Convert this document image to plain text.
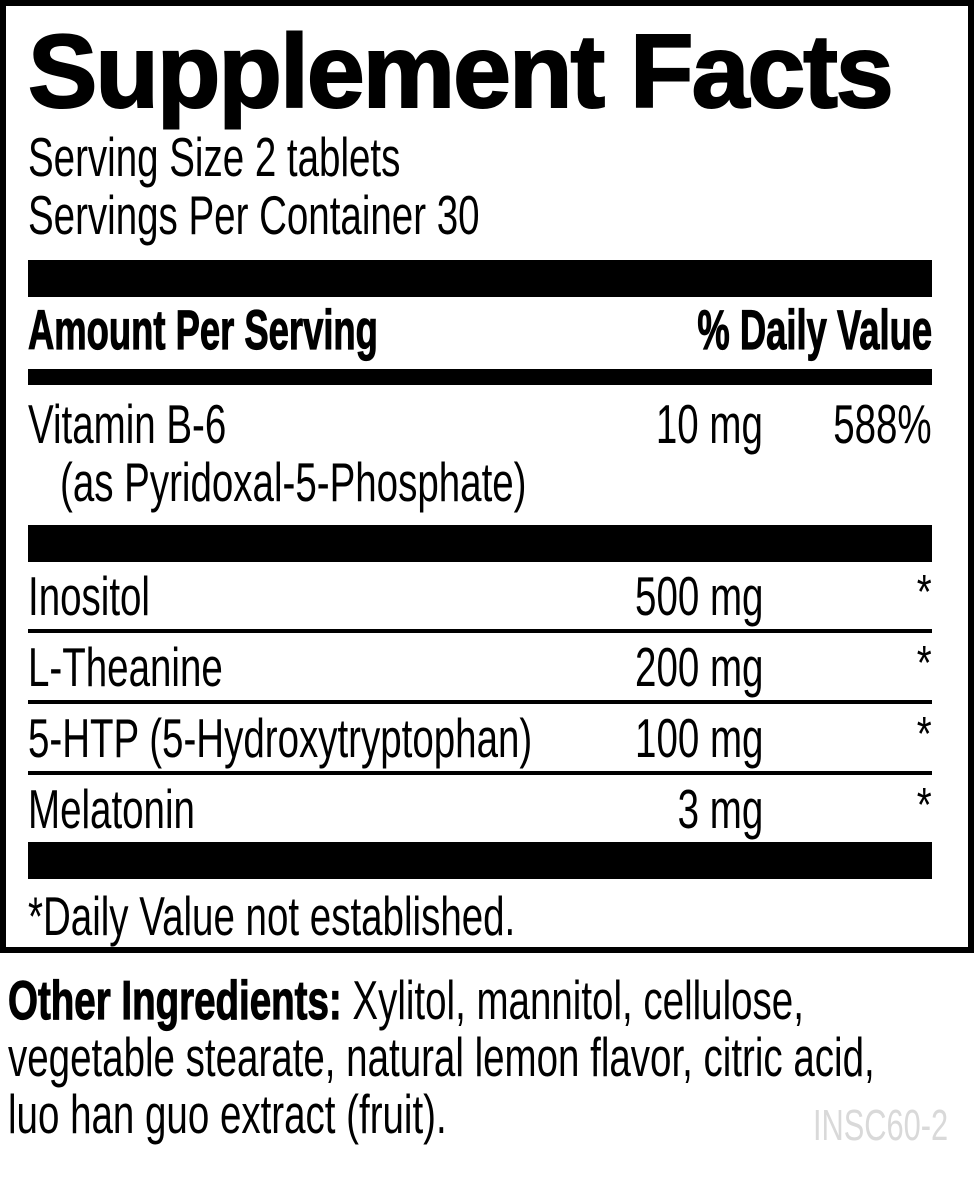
Supplement Facts
Serving Size 2 tablets
Servings Per Container 30
Amount Per Serving	% Daily Value
Vitamin B-6	10 mg	588%
(as Pyridoxal-5-Phosphate)
Inositol	500 mg	*
L-Theanine	200 mg	*
5-HTP (5-Hydroxytryptophan)	100 mg	*
Melatonin	3 mg	*
*Daily Value not established.
Other Ingredients: Xylitol, mannitol, cellulose,
vegetable stearate, natural lemon flavor, citric acid,
luo han guo extract (fruit).	INSC60-2
